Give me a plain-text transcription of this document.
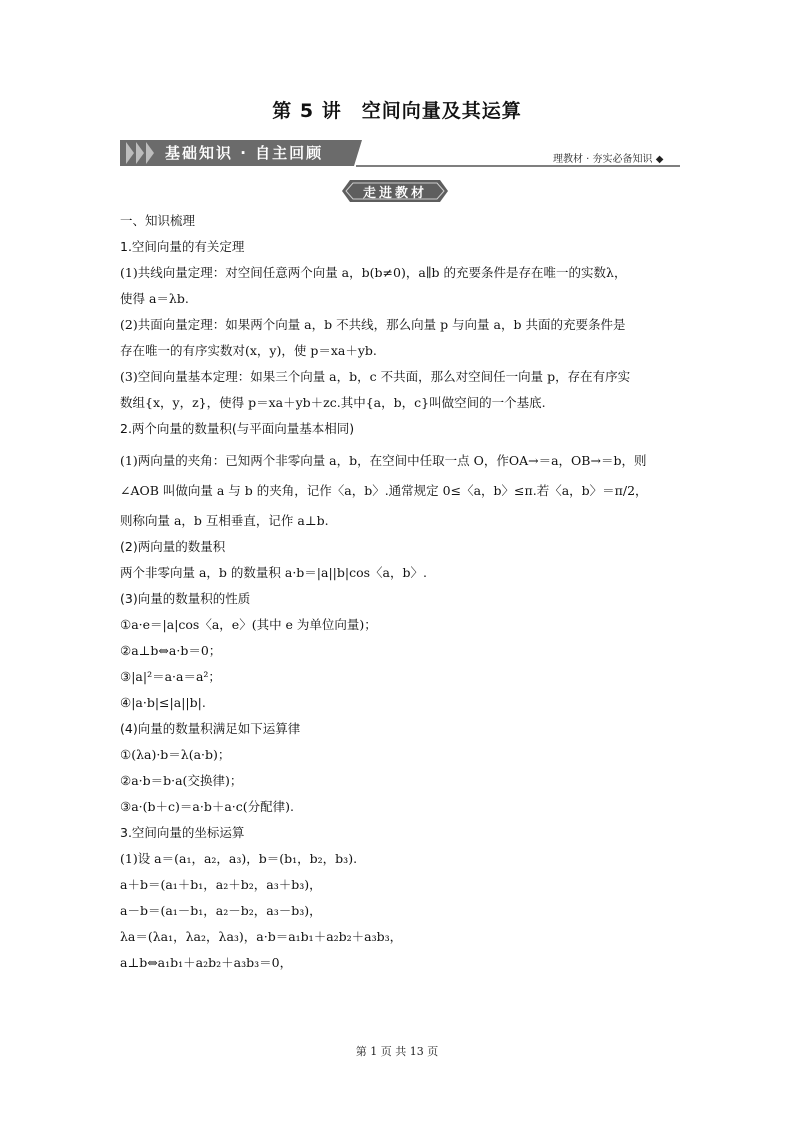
第 5 讲　空间向量及其运算
基础知识 · 自主回顾	理教材 · 夯实必备知识 ◆
走进教材
一、知识梳理
1.空间向量的有关定理
(1)共线向量定理：对空间任意两个向量 a，b(b≠0)，a∥b 的充要条件是存在唯一的实数λ，
使得 a＝λb.
(2)共面向量定理：如果两个向量 a，b 不共线，那么向量 p 与向量 a，b 共面的充要条件是
存在唯一的有序实数对(x，y)，使 p＝xa＋yb.
(3)空间向量基本定理：如果三个向量 a，b，c 不共面，那么对空间任一向量 p，存在有序实
数组{x，y，z}，使得 p＝xa＋yb＋zc.其中{a，b，c}叫做空间的一个基底.
2.两个向量的数量积(与平面向量基本相同)
(1)两向量的夹角：已知两个非零向量 a，b，在空间中任取一点 O，作OA→＝a，OB→＝b，则
∠AOB 叫做向量 a 与 b 的夹角，记作〈a，b〉.通常规定 0≤〈a，b〉≤π.若〈a，b〉＝π/2，
则称向量 a，b 互相垂直，记作 a⊥b.
(2)两向量的数量积
两个非零向量 a，b 的数量积 a·b＝|a||b|cos〈a，b〉.
(3)向量的数量积的性质
①a·e＝|a|cos〈a，e〉(其中 e 为单位向量)；
②a⊥b⇔a·b＝0；
③|a|²＝a·a＝a²；
④|a·b|≤|a||b|.
(4)向量的数量积满足如下运算律
①(λa)·b＝λ(a·b)；
②a·b＝b·a(交换律)；
③a·(b＋c)＝a·b＋a·c(分配律).
3.空间向量的坐标运算
(1)设 a＝(a₁，a₂，a₃)，b＝(b₁，b₂，b₃).
a＋b＝(a₁＋b₁，a₂＋b₂，a₃＋b₃)，
a－b＝(a₁－b₁，a₂－b₂，a₃－b₃)，
λa＝(λa₁，λa₂，λa₃)，a·b＝a₁b₁＋a₂b₂＋a₃b₃，
a⊥b⇔a₁b₁＋a₂b₂＋a₃b₃＝0，
第 1 页 共 13 页
